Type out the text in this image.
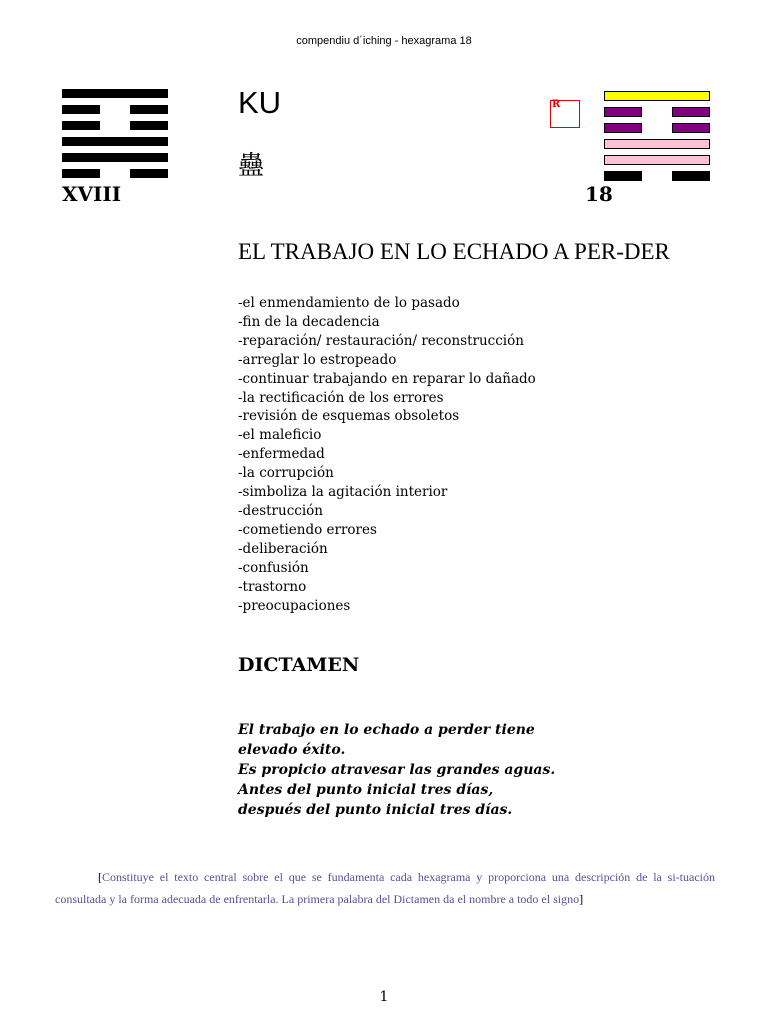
compendiu d´iching - hexagrama 18
XVIII
KU
蠱
R
18
EL TRABAJO EN LO ECHADO A PER-DER
-el enmendamiento de lo pasado
-fin de la decadencia
-reparación/ restauración/ reconstrucción
-arreglar lo estropeado
-continuar trabajando en reparar lo dañado
-la rectificación de los errores
-revisión de esquemas obsoletos
-el maleficio
-enfermedad
-la corrupción
-simboliza la agitación interior
-destrucción
-cometiendo errores
-deliberación
-confusión
-trastorno
-preocupaciones
DICTAMEN
El trabajo en lo echado a perder tiene
elevado éxito.
Es propicio atravesar las grandes aguas.
Antes del punto inicial tres días,
después del punto inicial tres días.
[Constituye el texto central sobre el que se fundamenta cada hexagrama y proporciona una descripción de la si-tuación consultada y la forma adecuada de enfrentarla. La primera palabra del Dictamen da el nombre a todo el signo]
1
